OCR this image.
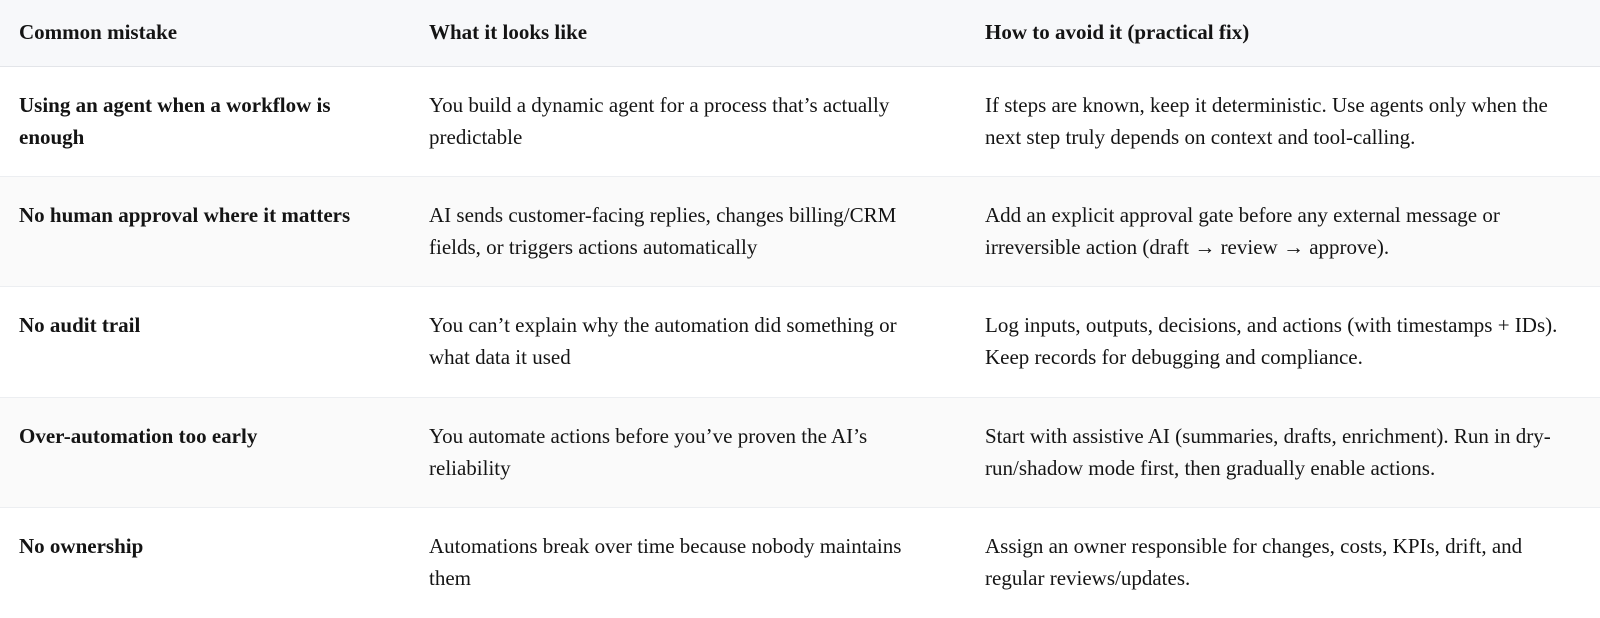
Common mistake	What it looks like	How to avoid it (practical fix)
Using an agent when a workflow is enough	You build a dynamic agent for a process that’s actually predictable	If steps are known, keep it deterministic. Use agents only when the next step truly depends on context and tool-calling.
No human approval where it matters	AI sends customer-facing replies, changes billing/CRM fields, or triggers actions automatically	Add an explicit approval gate before any external message or irreversible action (draft → review → approve).
No audit trail	You can’t explain why the automation did something or what data it used	Log inputs, outputs, decisions, and actions (with timestamps + IDs). Keep records for debugging and compliance.
Over-automation too early	You automate actions before you’ve proven the AI’s reliability	Start with assistive AI (summaries, drafts, enrichment). Run in dry-run/shadow mode first, then gradually enable actions.
No ownership	Automations break over time because nobody maintains them	Assign an owner responsible for changes, costs, KPIs, drift, and regular reviews/updates.
